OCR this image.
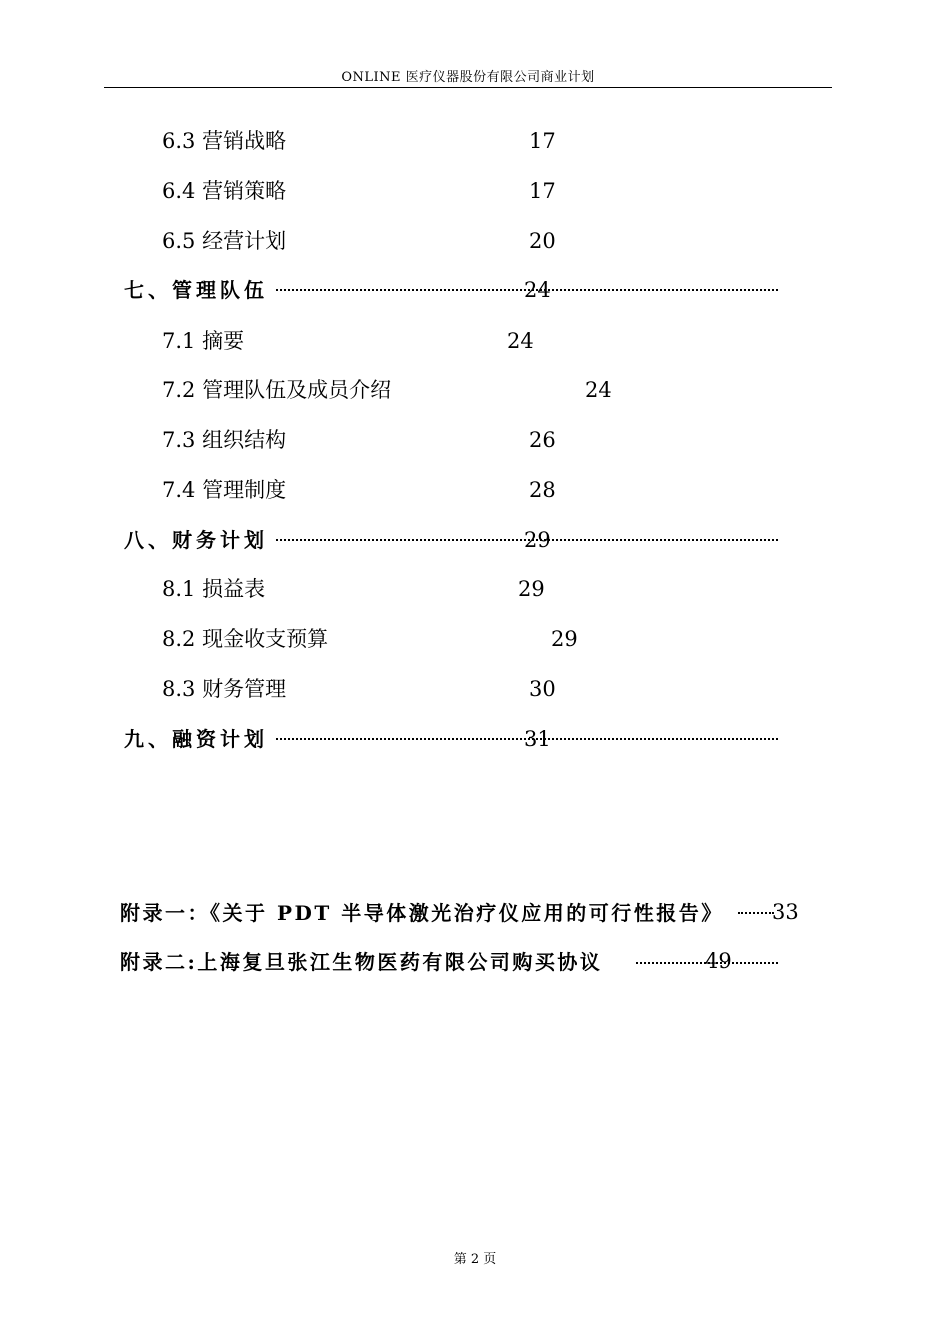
ONLINE 医疗仪器股份有限公司商业计划
6.3 营销战略	17
6.4 营销策略	17
6.5 经营计划	20
七、管理队伍	24
7.1 摘要	24
7.2 管理队伍及成员介绍	24
7.3 组织结构	26
7.4 管理制度	28
八、财务计划	29
8.1 损益表	29
8.2 现金收支预算	29
8.3 财务管理	30
九、融资计划	31
附录一：《关于 PDT 半导体激光治疗仪应用的可行性报告》 33
附录二:上海复旦张江生物医药有限公司购买协议	49
第 2 页
